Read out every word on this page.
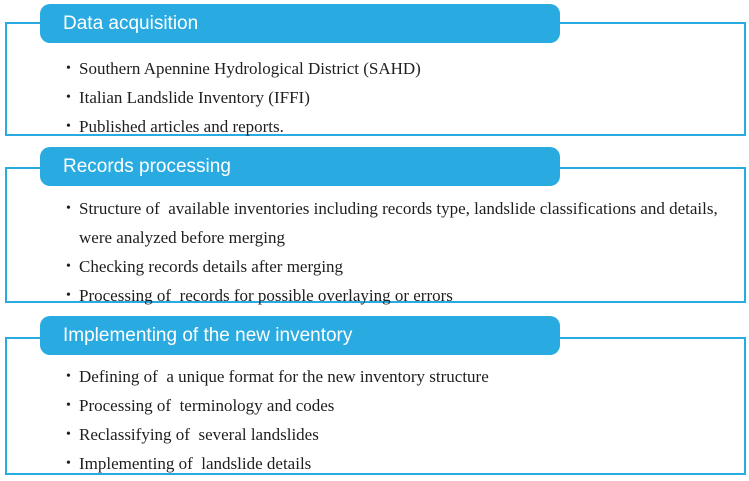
Data acquisition
•
Southern Apennine Hydrological District (SAHD)
•
Italian Landslide Inventory (IFFI)
•
Published articles and reports.
Records processing
•
Structure of  available inventories including records type, landslide classifications and details, were analyzed before merging
•
Checking records details after merging
•
Processing of  records for possible overlaying or errors
Implementing of the new inventory
•
Defining of  a unique format for the new inventory structure
•
Processing of  terminology and codes
•
Reclassifying of  several landslides
•
Implementing of  landslide details
